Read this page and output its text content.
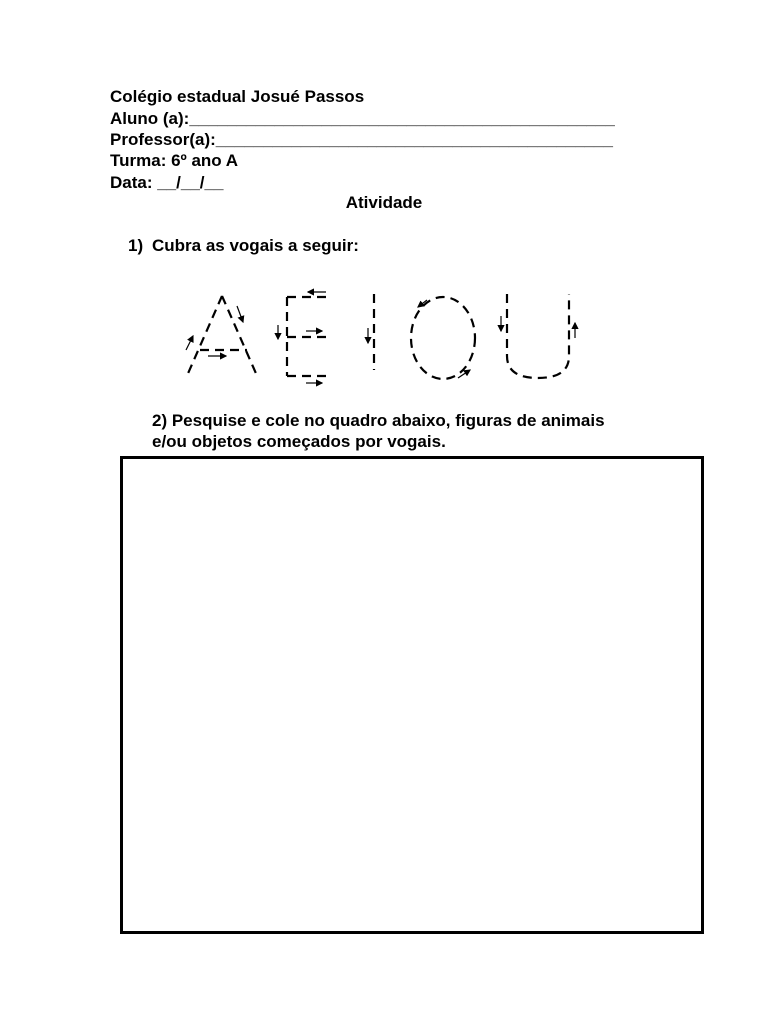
Colégio estadual Josué Passos

Aluno (a):_____________________________________________

Professor(a):__________________________________________

Turma: 6º ano A

Data: __/__/__

Atividade
1) Cubra as vogais a seguir:
2) Pesquise e cole no quadro abaixo, figuras de animais
e/ou objetos começados por vogais.
